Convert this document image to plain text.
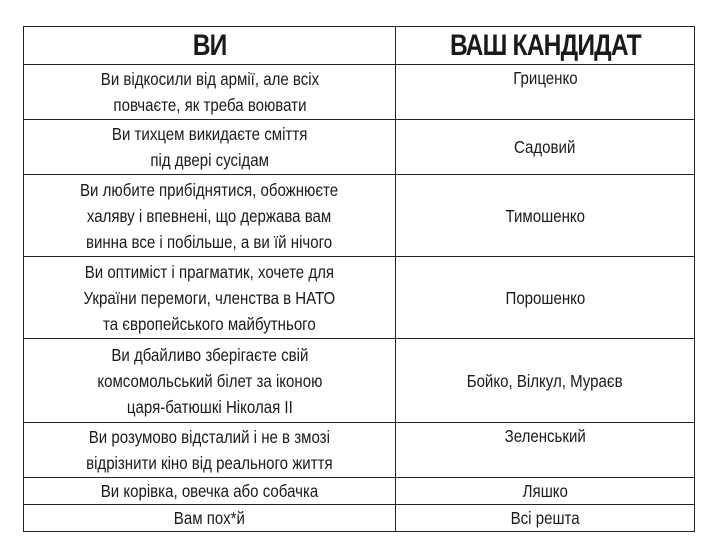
ВИ	ВАШ КАНДИДАТ
Ви відкосили від армії, але всіх
повчаєте, як треба воювати	Гриценко
Ви тихцем викидаєте сміття
під двері сусідам	Садовий
Ви любите прибіднятися, обожнюєте
халяву і впевнені, що держава вам
винна все і побільше, а ви їй нічого	Тимошенко
Ви оптиміст і прагматик, хочете для
України перемоги, членства в НАТО
та європейського майбутнього	Порошенко
Ви дбайливо зберігаєте свій
комсомольський білет за іконою
царя-батюшкі Ніколая ІІ	Бойко, Вілкул, Мураєв
Ви розумово відсталий і не в змозі
відрізнити кіно від реального життя	Зеленський
Ви корівка, овечка або собачка	Ляшко
Вам пох*й	Всі решта
